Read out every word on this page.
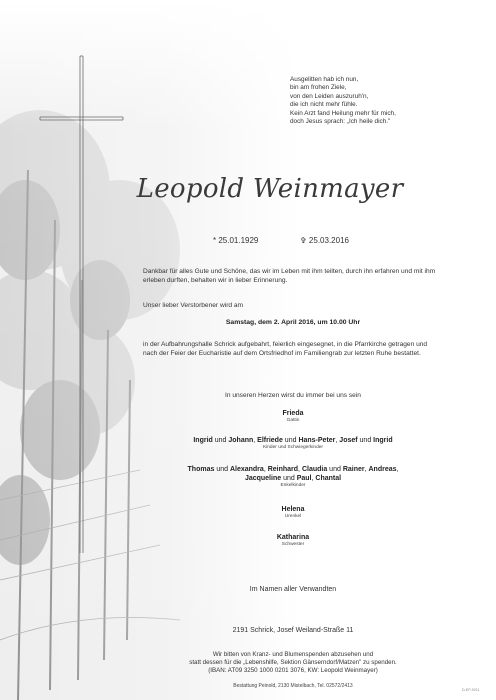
Ausgelitten hab ich nun,
bin am frohen Ziele,
von den Leiden auszuruh'n,
die ich nicht mehr fühle.
Kein Arzt fand Heilung mehr für mich,
doch Jesus sprach: „Ich heile dich."
Leopold Weinmayer
* 25.01.1929	✞ 25.03.2016
Dankbar für alles Gute und Schöne, das wir im Leben mit ihm teilten, durch ihn erfahren und mit ihm erleben durften, behalten wir in lieber Erinnerung.
Unser lieber Verstorbener wird am
Samstag, dem 2. April 2016, um 10.00 Uhr
in der Aufbahrungshalle Schrick aufgebahrt, feierlich eingesegnet, in die Pfarrkirche getragen und nach der Feier der Eucharistie auf dem Ortsfriedhof im Familiengrab zur letzten Ruhe bestattet.
In unseren Herzen wirst du immer bei uns sein
Frieda
Gattin
Ingrid und Johann, Elfriede und Hans-Peter, Josef und Ingrid
Kinder und Schwiegerkinder
Thomas und Alexandra, Reinhard, Claudia und Rainer, Andreas,
Jacqueline und Paul, Chantal
Enkelkinder
Helena
Urenkel
Katharina
Schwester
Im Namen aller Verwandten
2191 Schrick, Josef Weiland-Straße 11
Wir bitten von Kranz- und Blumenspenden abzusehen und
statt dessen für die „Lebenshilfe, Sektion Gänserndorf/Matzen" zu spenden.
(IBAN: AT09 3250 1000 0201 3076, KW: Leopold Weinmayer)
Bestattung Peinold, 2130 Mistelbach, Tel. 02572/2413
D-EP-9211
